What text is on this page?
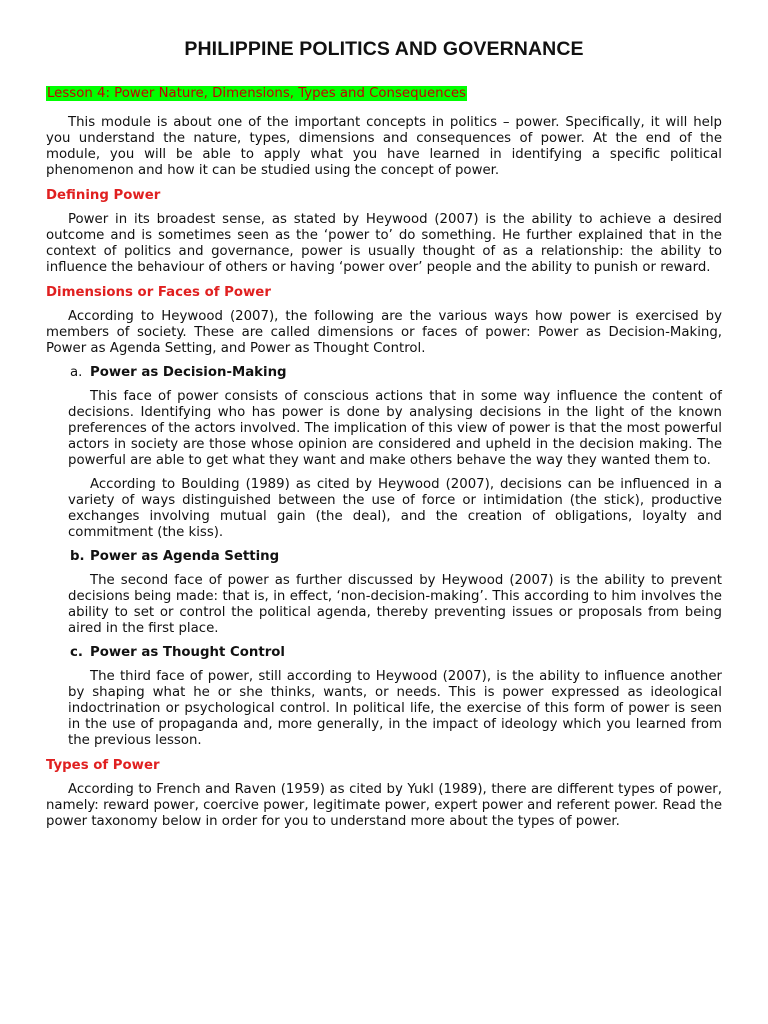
PHILIPPINE POLITICS AND GOVERNANCE
Lesson 4: Power Nature, Dimensions, Types and Consequences

This module is about one of the important concepts in politics – power. Specifically, it will help you understand the nature, types, dimensions and consequences of power. At the end of the module, you will be able to apply what you have learned in identifying a specific political phenomenon and how it can be studied using the concept of power.

Defining Power

Power in its broadest sense, as stated by Heywood (2007) is the ability to achieve a desired outcome and is sometimes seen as the ‘power to’ do something. He further explained that in the context of politics and governance, power is usually thought of as a relationship: the ability to influence the behaviour of others or having ‘power over’ people and the ability to punish or reward.

Dimensions or Faces of Power

According to Heywood (2007), the following are the various ways how power is exercised by members of society. These are called dimensions or faces of power: Power as Decision-Making, Power as Agenda Setting, and Power as Thought Control.

a. Power as Decision-Making

This face of power consists of conscious actions that in some way influence the content of decisions. Identifying who has power is done by analysing decisions in the light of the known preferences of the actors involved. The implication of this view of power is that the most powerful actors in society are those whose opinion are considered and upheld in the decision making. The powerful are able to get what they want and make others behave the way they wanted them to.

According to Boulding (1989) as cited by Heywood (2007), decisions can be influenced in a variety of ways distinguished between the use of force or intimidation (the stick), productive exchanges involving mutual gain (the deal), and the creation of obligations, loyalty and commitment (the kiss).

b. Power as Agenda Setting

The second face of power as further discussed by Heywood (2007) is the ability to prevent decisions being made: that is, in effect, ‘non-decision-making’. This according to him involves the ability to set or control the political agenda, thereby preventing issues or proposals from being aired in the first place.

c. Power as Thought Control

The third face of power, still according to Heywood (2007), is the ability to influence another by shaping what he or she thinks, wants, or needs. This is power expressed as ideological indoctrination or psychological control. In political life, the exercise of this form of power is seen in the use of propaganda and, more generally, in the impact of ideology which you learned from the previous lesson.

Types of Power

According to French and Raven (1959) as cited by Yukl (1989), there are different types of power, namely: reward power, coercive power, legitimate power, expert power and referent power. Read the power taxonomy below in order for you to understand more about the types of power.
